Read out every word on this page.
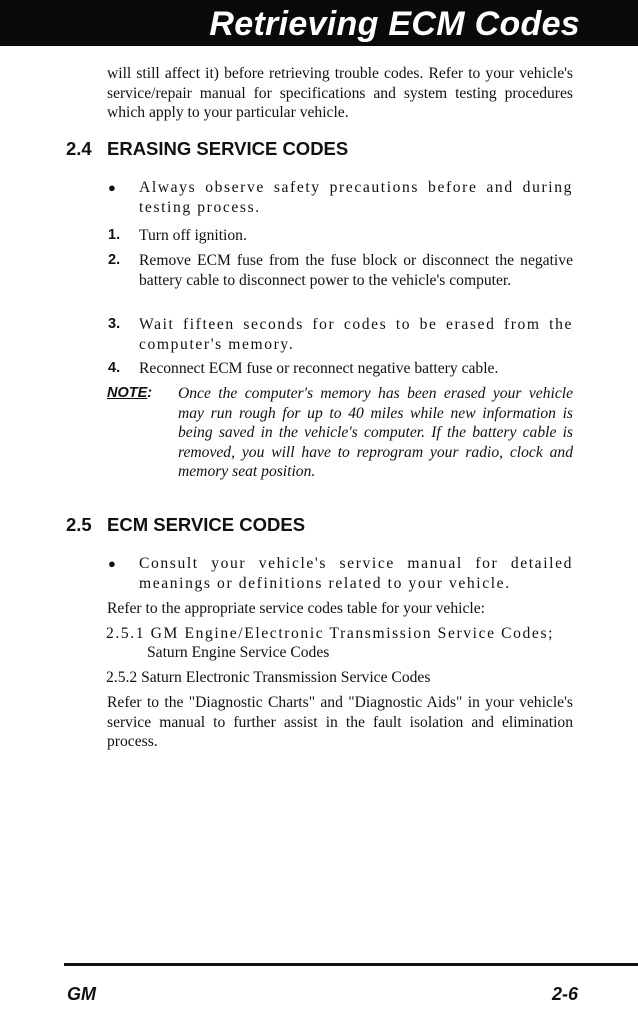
Retrieving ECM Codes
will still affect it) before retrieving trouble codes. Refer to your vehicle's service/repair manual for specifications and system testing procedures which apply to your particular vehicle.
2.4 ERASING SERVICE CODES
● Always observe safety precautions before and during testing process.
1. Turn off ignition.
2. Remove ECM fuse from the fuse block or disconnect the negative battery cable to disconnect power to the vehicle's computer.
3. Wait fifteen seconds for codes to be erased from the computer's memory.
4. Reconnect ECM fuse or reconnect negative battery cable.
NOTE: Once the computer's memory has been erased your vehicle may run rough for up to 40 miles while new information is being saved in the vehicle's computer. If the battery cable is removed, you will have to reprogram your radio, clock and memory seat position.
2.5 ECM SERVICE CODES
● Consult your vehicle's service manual for detailed meanings or definitions related to your vehicle.
Refer to the appropriate service codes table for your vehicle:
2.5.1 GM Engine/Electronic Transmission Service Codes;
Saturn Engine Service Codes
2.5.2 Saturn Electronic Transmission Service Codes
Refer to the "Diagnostic Charts" and "Diagnostic Aids" in your vehicle's service manual to further assist in the fault isolation and elimination process.
GM	2-6
